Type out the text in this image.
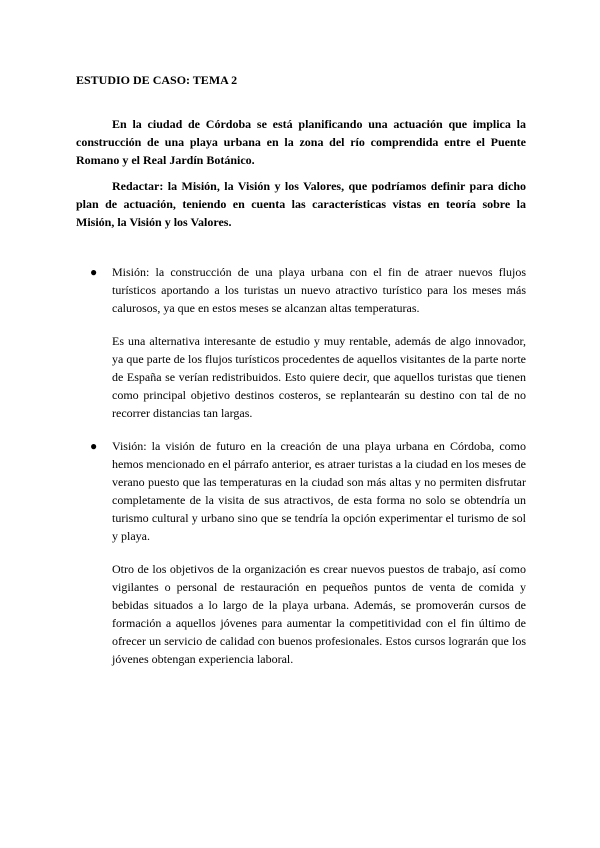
ESTUDIO DE CASO: TEMA 2

En la ciudad de Córdoba se está planificando una actuación que implica la construcción de una playa urbana en la zona del río comprendida entre el Puente Romano y el Real Jardín Botánico.

Redactar: la Misión, la Visión y los Valores, que podríamos definir para dicho plan de actuación, teniendo en cuenta las características vistas en teoría sobre la Misión, la Visión y los Valores.

● Misión: la construcción de una playa urbana con el fin de atraer nuevos flujos turísticos aportando a los turistas un nuevo atractivo turístico para los meses más calurosos, ya que en estos meses se alcanzan altas temperaturas.

Es una alternativa interesante de estudio y muy rentable, además de algo innovador, ya que parte de los flujos turísticos procedentes de aquellos visitantes de la parte norte de España se verían redistribuidos. Esto quiere decir, que aquellos turistas que tienen como principal objetivo destinos costeros, se replantearán su destino con tal de no recorrer distancias tan largas.

● Visión: la visión de futuro en la creación de una playa urbana en Córdoba, como hemos mencionado en el párrafo anterior, es atraer turistas a la ciudad en los meses de verano puesto que las temperaturas en la ciudad son más altas y no permiten disfrutar completamente de la visita de sus atractivos, de esta forma no solo se obtendría un turismo cultural y urbano sino que se tendría la opción experimentar el turismo de sol y playa.

Otro de los objetivos de la organización es crear nuevos puestos de trabajo, así como vigilantes o personal de restauración en pequeños puntos de venta de comida y bebidas situados a lo largo de la playa urbana. Además, se promoverán cursos de formación a aquellos jóvenes para aumentar la competitividad con el fin último de ofrecer un servicio de calidad con buenos profesionales. Estos cursos lograrán que los jóvenes obtengan experiencia laboral.
